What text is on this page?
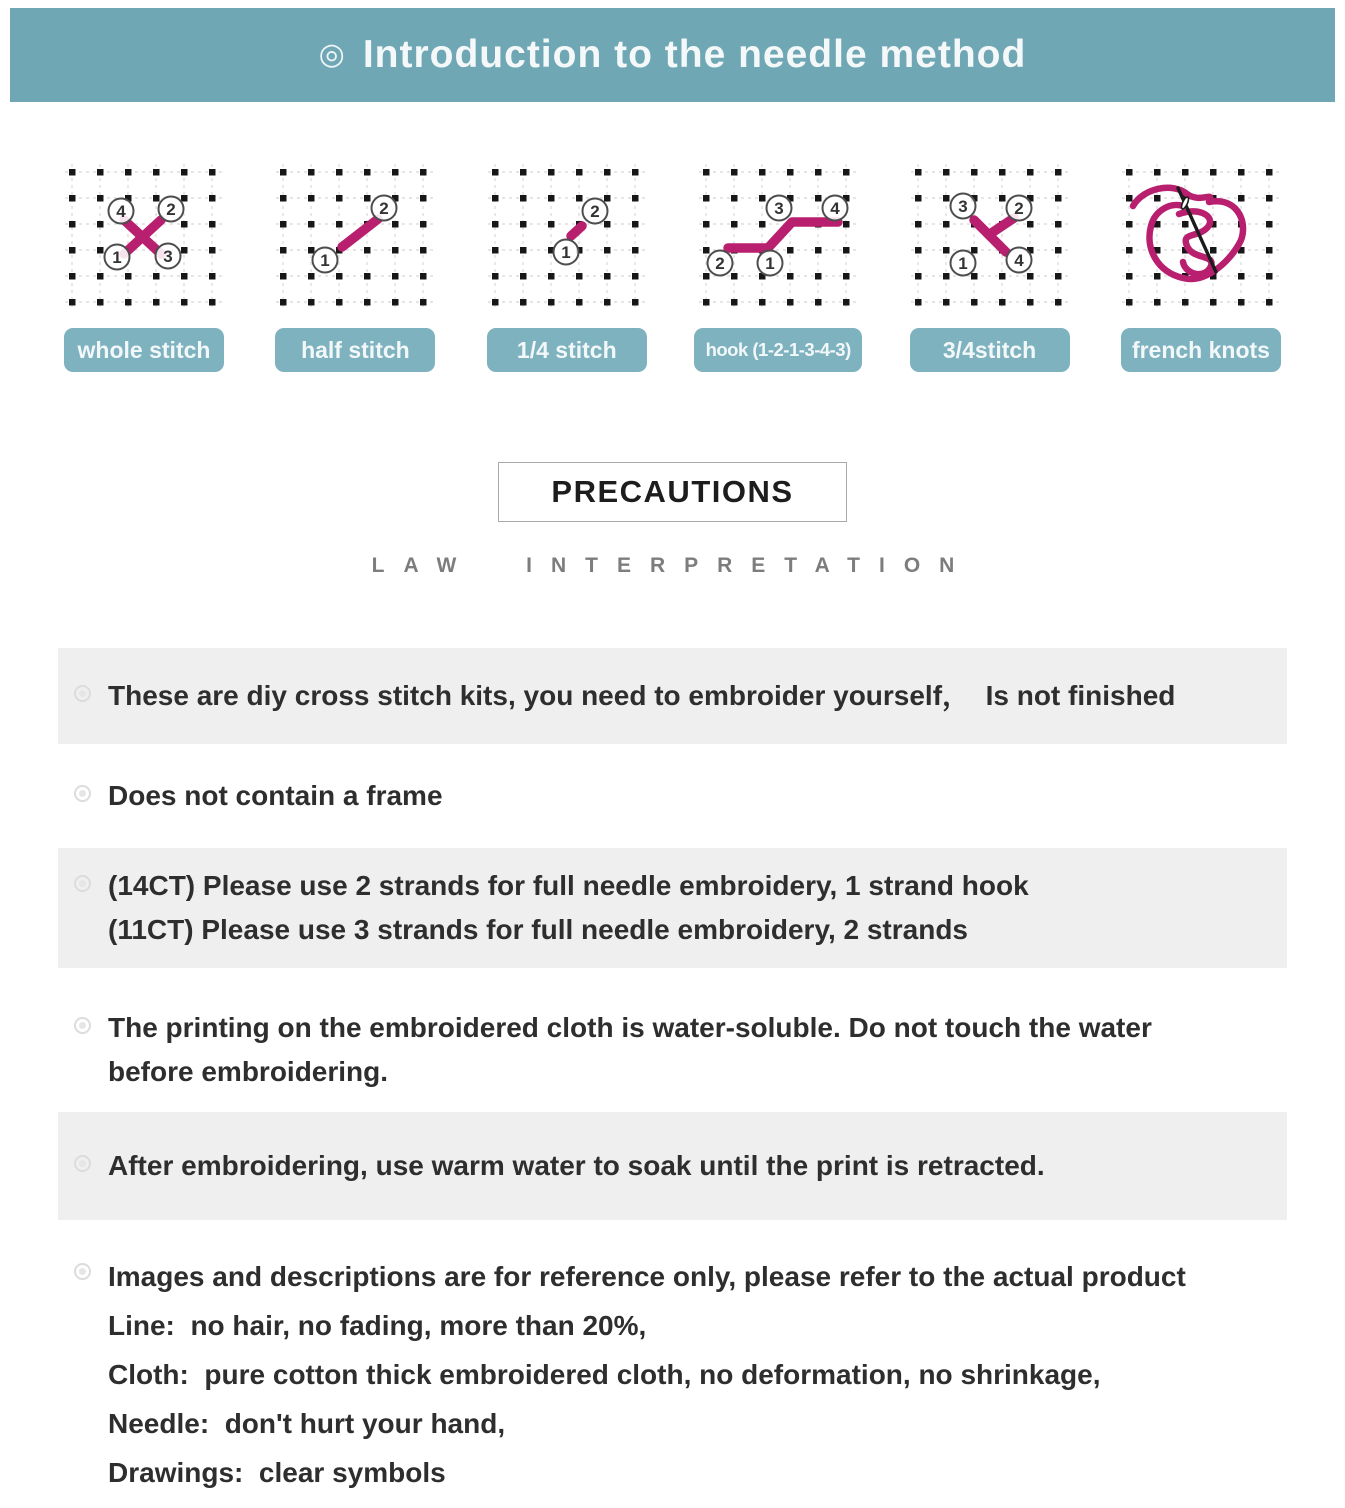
◎ Introduction to the needle method
4 2
1 3
whole stitch
1
2
half stitch
1
2
1/4 stitch
2 1
3	4
hook (1-2-1-3-4-3)
3	2
1	4
3/4stitch	french knots
PRECAUTIONS
LAW INTERPRETATION
These are diy cross stitch kits, you need to embroider yourself，  Is not finished
Does not contain a frame
(14CT) Please use 2 strands for full needle embroidery, 1 strand hook
(11CT) Please use 3 strands for full needle embroidery, 2 strands
The printing on the embroidered cloth is water-soluble. Do not touch the water
before embroidering.
After embroidering, use warm water to soak until the print is retracted.
Images and descriptions are for reference only, please refer to the actual product
Line:  no hair, no fading, more than 20%,
Cloth:  pure cotton thick embroidered cloth, no deformation, no shrinkage,
Needle:  don't hurt your hand,
Drawings:  clear symbols
